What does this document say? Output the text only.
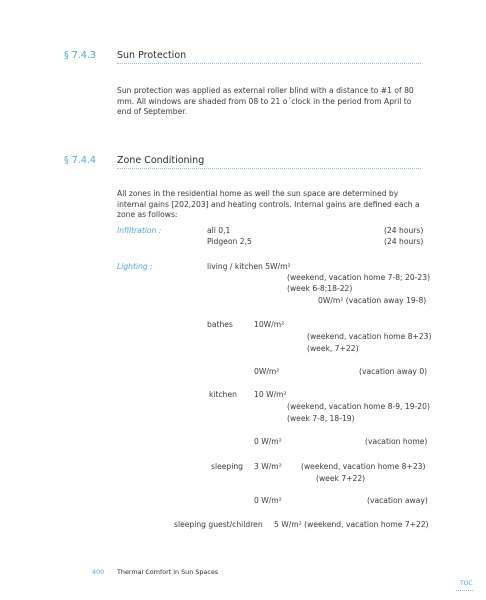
§ 7.4.3 Sun Protection
Sun protection was applied as external roller blind with a distance to #1 of 80 mm. All windows are shaded from 08 to 21 o´clock in the period from April to end of September.
§ 7.4.4 Zone Conditioning
All zones in the residential home as well the sun space are determined by internal gains [202,203] and heating controls. Internal gains are defined each a zone as follows:
Infiltration :	all 0,1	(24 hours)
Pidgeon 2,5	(24 hours)
Lighting :	living / kitchen 5W/m²
(weekend, vacation home 7-8; 20-23)
(week 6-8;18-22)
0W/m² (vacation away 19-8)
bathes	10W/m²
(weekend, vacation home 8+23)
(week, 7+22)
0W/m²	(vacation away 0)
kitchen 10 W/m²
(weekend, vacation home 8-9, 19-20)
(week 7-8, 18-19)
0 W/m²	(vacation home)
sleeping 3 W/m²	(weekend, vacation home 8+23)
(week 7+22)
0 W/m²	(vacation away)
sleeping guest/children 5 W/m² (weekend, vacation home 7+22)
400 Thermal Comfort in Sun Spaces
TOC
